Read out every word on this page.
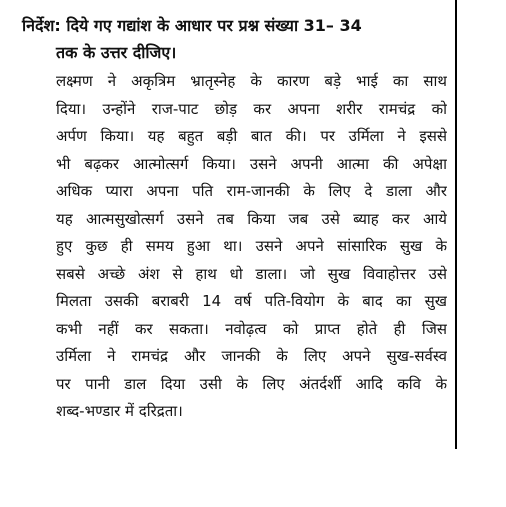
निर्देश: दिये गए गद्यांश के आधार पर प्रश्न संख्या 31– 34
तक के उत्तर दीजिए।
लक्ष्मण ने अकृत्रिम भ्रातृस्नेह के कारण बड़े भाई का साथ
दिया। उन्होंने राज-पाट छोड़ कर अपना शरीर रामचंद्र को
अर्पण किया। यह बहुत बड़ी बात की। पर उर्मिला ने इससे
भी बढ़कर आत्मोत्सर्ग किया। उसने अपनी आत्मा की अपेक्षा
अधिक प्यारा अपना पति राम-जानकी के लिए दे डाला और
यह आत्मसुखोत्सर्ग उसने तब किया जब उसे ब्याह कर आये
हुए कुछ ही समय हुआ था। उसने अपने सांसारिक सुख के
सबसे अच्छे अंश से हाथ धो डाला। जो सुख विवाहोत्तर उसे
मिलता उसकी बराबरी 14 वर्ष पति-वियोग के बाद का सुख
कभी नहीं कर सकता। नवोढ़त्व को प्राप्त होते ही जिस
उर्मिला ने रामचंद्र और जानकी के लिए अपने सुख-सर्वस्व
पर पानी डाल दिया उसी के लिए अंतर्दर्शी आदि कवि के
शब्द-भण्डार में दरिद्रता।
